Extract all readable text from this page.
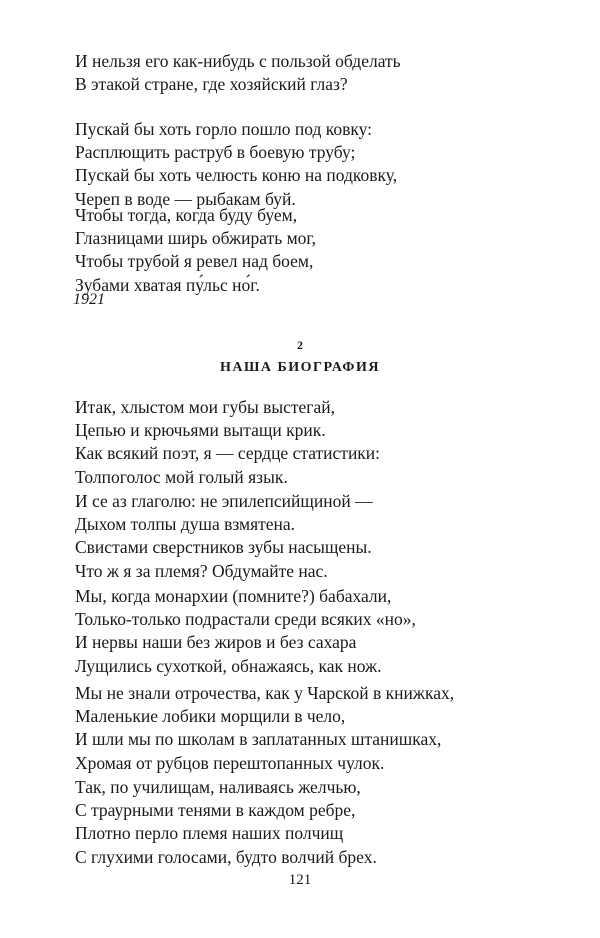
И нельзя его как-нибудь с пользой обделать
В этакой стране, где хозяйский глаз?
Пускай бы хоть горло пошло под ковку:
Расплющить раструб в боевую трубу;
Пускай бы хоть челюсть коню на подковку,
Череп в воде — рыбакам буй.
Чтобы тогда, когда буду буем,
Глазницами ширь обжирать мог,
Чтобы трубой я ревел над боем,
Зубами хватая пу́льс но́г.
1921
2
НАША БИОГРАФИЯ
Итак, хлыстом мои губы выстегай,
Цепью и крючьями вытащи крик.
Как всякий поэт, я — сердце статистики:
Толпоголос мой голый язык.
И се аз глаголю: не эпилепсийщиной —
Дыхом толпы душа взмятена.
Свистами сверстников зубы насыщены.
Что ж я за племя? Обдумайте нас.
Мы, когда монархии (помните?) бабахали,
Только-только подрастали среди всяких «но»,
И нервы наши без жиров и без сахара
Лущились сухоткой, обнажаясь, как нож.
Мы не знали отрочества, как у Чарской в книжках,
Маленькие лобики морщили в чело,
И шли мы по школам в заплатанных штанишках,
Хромая от рубцов перештопанных чулок.
Так, по училищам, наливаясь желчью,
С траурными тенями в каждом ребре,
Плотно перло племя наших полчищ
С глухими голосами, будто волчий брех.
121
